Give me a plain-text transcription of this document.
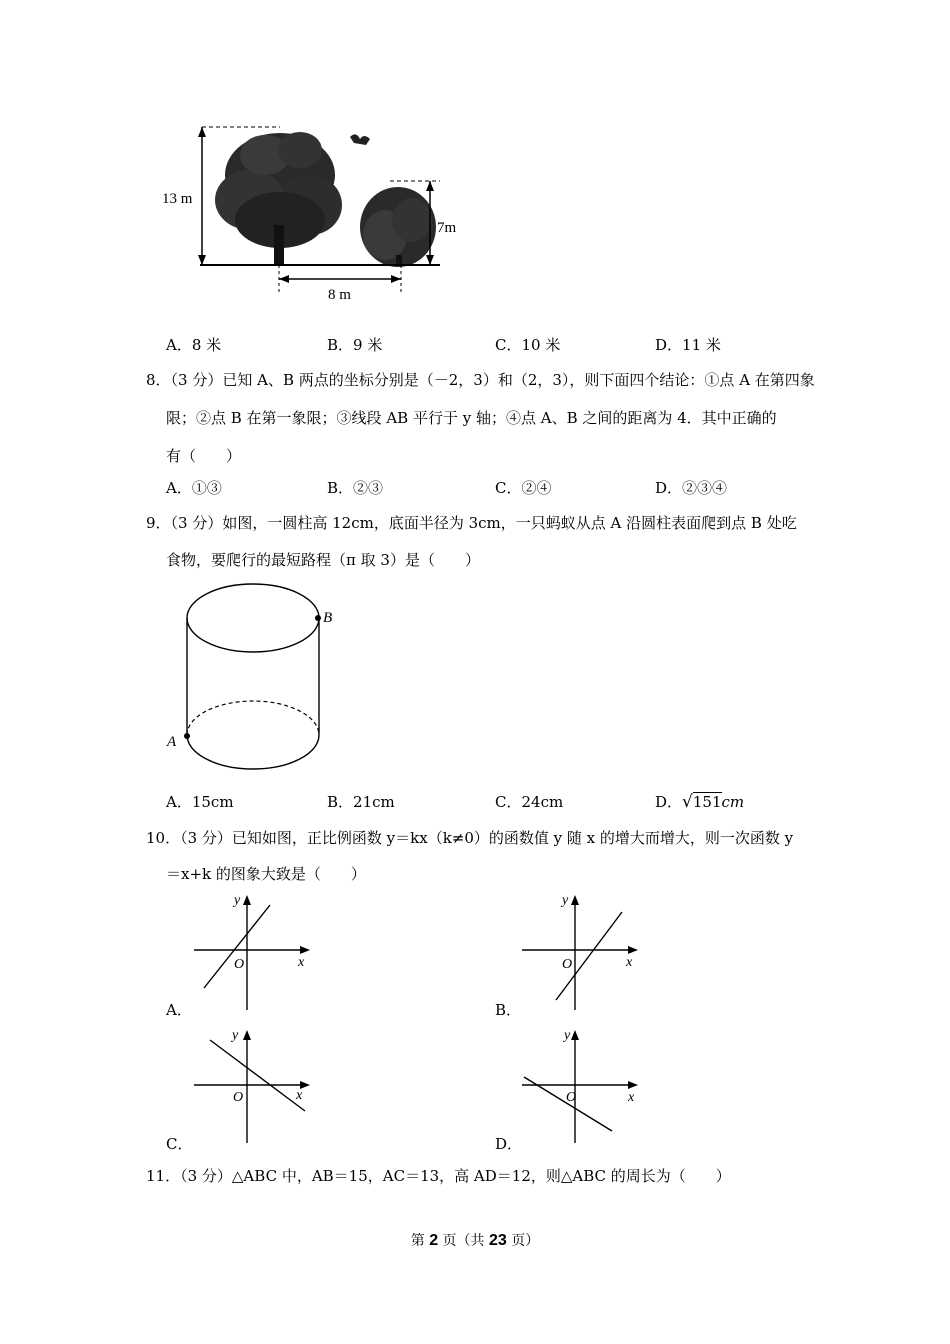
13 m
7m
8 m
A．8 米	B．9 米	C．10 米	D．11 米
8．（3 分）已知 A、B 两点的坐标分别是（－2，3）和（2，3），则下面四个结论：①点 A 在第四象
限；②点 B 在第一象限；③线段 AB 平行于 y 轴；④点 A、B 之间的距离为 4．其中正确的
有（　　）
A．①③	B．②③	C．②④	D．②③④
9．（3 分）如图，一圆柱高 12cm，底面半径为 3cm，一只蚂蚁从点 A 沿圆柱表面爬到点 B 处吃
食物，要爬行的最短路程（π 取 3）是（　　）
A
B
A．15cm	B．21cm	C．24cm	D．√151cm
10．（3 分）已知如图，正比例函数 y＝kx（k≠0）的函数值 y 随 x 的增大而增大，则一次函数 y
＝x+k 的图象大致是（　　）
y
x
O
A．
y
x
O
B．
y
x
O
C．
y
x
O
D．
11．（3 分）△ABC 中，AB＝15，AC＝13，高 AD＝12，则△ABC 的周长为（　　）
第 2 页（共 23 页）
